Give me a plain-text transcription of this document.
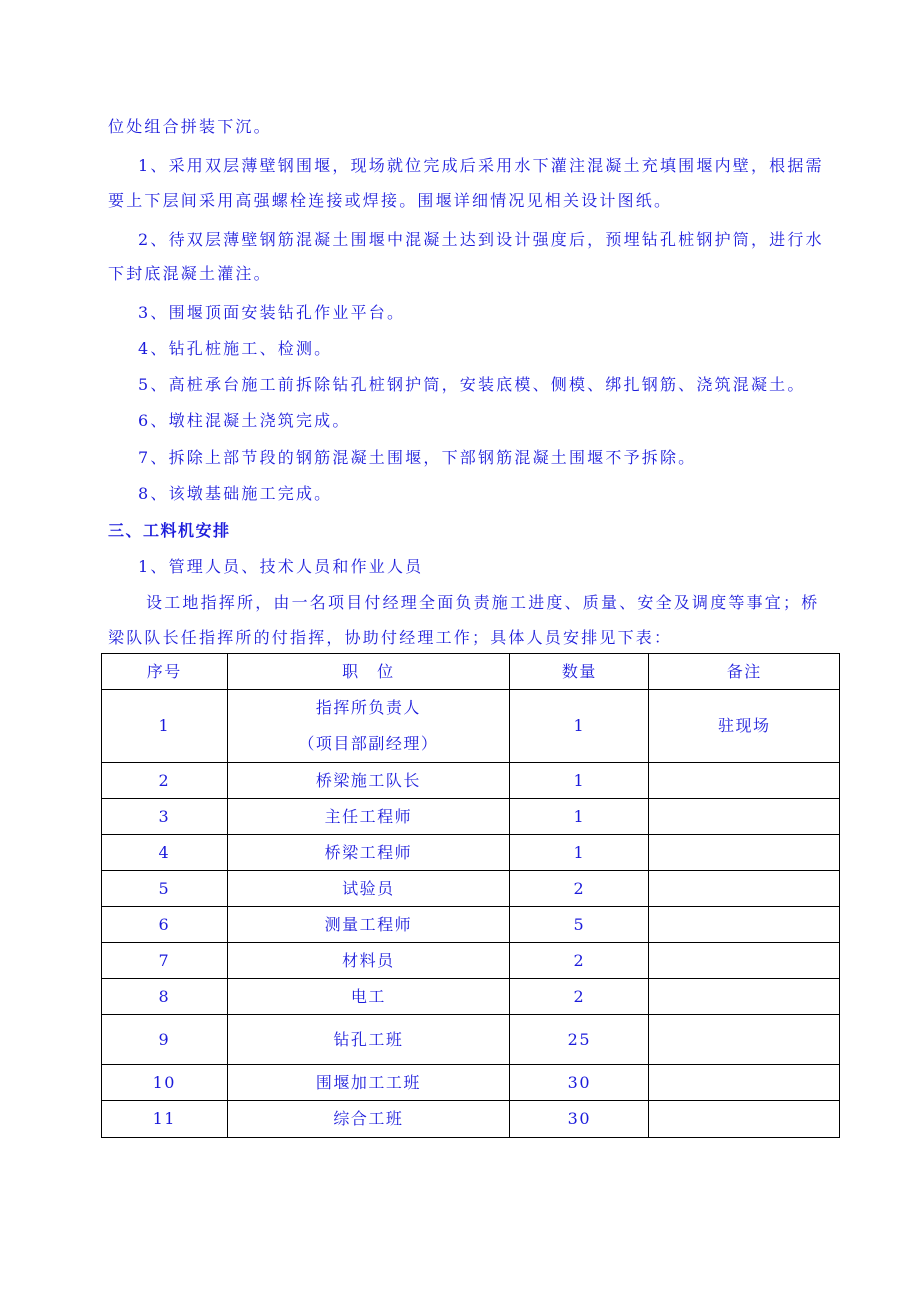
位处组合拼装下沉。
1、采用双层薄壁钢围堰，现场就位完成后采用水下灌注混凝土充填围堰内壁，根据需
要上下层间采用高强螺栓连接或焊接。围堰详细情况见相关设计图纸。
2、待双层薄壁钢筋混凝土围堰中混凝土达到设计强度后，预埋钻孔桩钢护筒，进行水
下封底混凝土灌注。
3、围堰顶面安装钻孔作业平台。
4、钻孔桩施工、检测。
5、高桩承台施工前拆除钻孔桩钢护筒，安装底模、侧模、绑扎钢筋、浇筑混凝土。
6、墩柱混凝土浇筑完成。
7、拆除上部节段的钢筋混凝土围堰，下部钢筋混凝土围堰不予拆除。
8、该墩基础施工完成。
三、工料机安排
1、管理人员、技术人员和作业人员
设工地指挥所，由一名项目付经理全面负责施工进度、质量、安全及调度等事宜；桥
梁队队长任指挥所的付指挥，协助付经理工作；具体人员安排见下表：
序号	职　位	数量	备注
1	指挥所负责人
（项目部副经理）	1	驻现场
2	桥梁施工队长	1	
3	主任工程师	1	
4	桥梁工程师	1	
5	试验员	2	
6	测量工程师	5	
7	材料员	2	
8	电工	2	
9	钻孔工班	25	
10	围堰加工工班	30	
11	综合工班	30	
